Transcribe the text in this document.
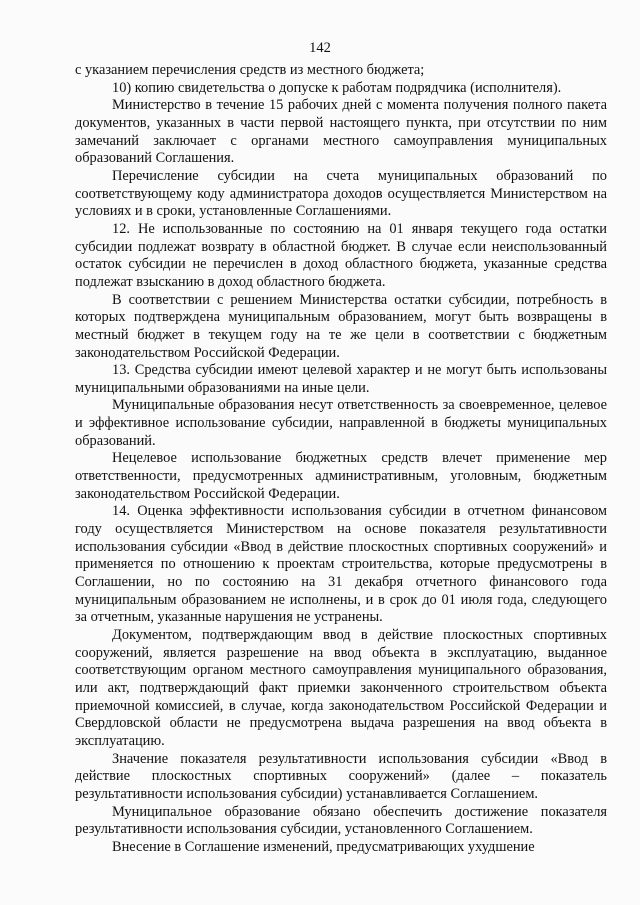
142

с указанием перечисления средств из местного бюджета;

10) копию свидетельства о допуске к работам подрядчика (исполнителя).

Министерство в течение 15 рабочих дней с момента получения полного пакета документов, указанных в части первой настоящего пункта, при отсутствии по ним замечаний заключает с органами местного самоуправления муниципальных образований Соглашения.

Перечисление субсидии на счета муниципальных образований по соответствующему коду администратора доходов осуществляется Министерством на условиях и в сроки, установленные Соглашениями.

12. Не использованные по состоянию на 01 января текущего года остатки субсидии подлежат возврату в областной бюджет. В случае если неиспользованный остаток субсидии не перечислен в доход областного бюджета, указанные средства подлежат взысканию в доход областного бюджета.

В соответствии с решением Министерства остатки субсидии, потребность в которых подтверждена муниципальным образованием, могут быть возвращены в местный бюджет в текущем году на те же цели в соответствии с бюджетным законодательством Российской Федерации.

13. Средства субсидии имеют целевой характер и не могут быть использованы муниципальными образованиями на иные цели.

Муниципальные образования несут ответственность за своевременное, целевое и эффективное использование субсидии, направленной в бюджеты муниципальных образований.

Нецелевое использование бюджетных средств влечет применение мер ответственности, предусмотренных административным, уголовным, бюджетным законодательством Российской Федерации.

14. Оценка эффективности использования субсидии в отчетном финансовом году осуществляется Министерством на основе показателя результативности использования субсидии «Ввод в действие плоскостных спортивных сооружений» и применяется по отношению к проектам строительства, которые предусмотрены в Соглашении, но по состоянию на 31 декабря отчетного финансового года муниципальным образованием не исполнены, и в срок до 01 июля года, следующего за отчетным, указанные нарушения не устранены.

Документом, подтверждающим ввод в действие плоскостных спортивных сооружений, является разрешение на ввод объекта в эксплуатацию, выданное соответствующим органом местного самоуправления муниципального образования, или акт, подтверждающий факт приемки законченного строительством объекта приемочной комиссией, в случае, когда законодательством Российской Федерации и Свердловской области не предусмотрена выдача разрешения на ввод объекта в эксплуатацию.

Значение показателя результативности использования субсидии «Ввод в действие плоскостных спортивных сооружений» (далее – показатель результативности использования субсидии) устанавливается Соглашением.

Муниципальное образование обязано обеспечить достижение показателя результативности использования субсидии, установленного Соглашением.

Внесение в Соглашение изменений, предусматривающих ухудшение
